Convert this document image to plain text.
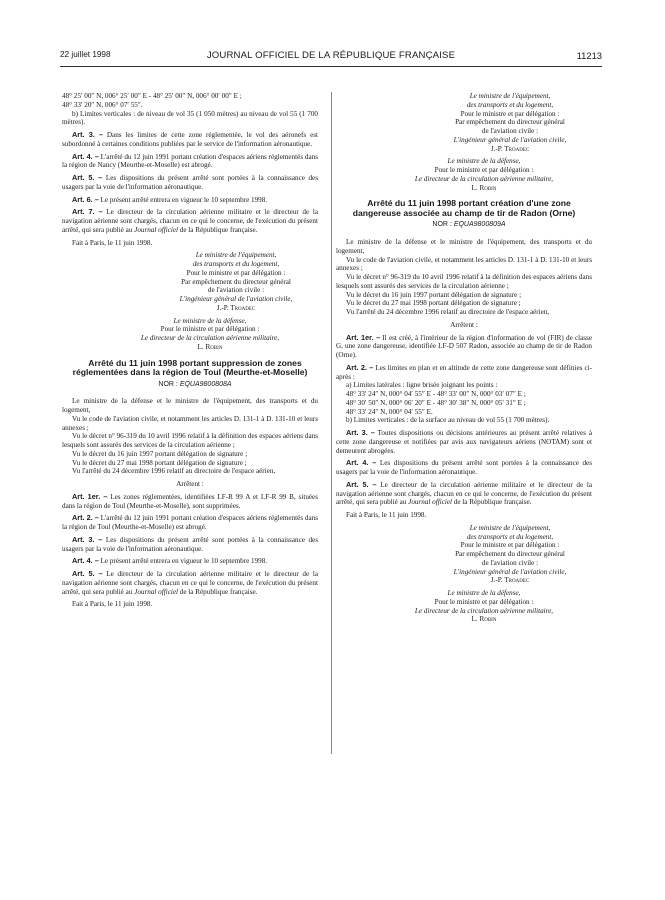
22 juillet 1998	JOURNAL OFFICIEL DE LA RÉPUBLIQUE FRANÇAISE	11213

48° 25′ 00″ N, 006° 25′ 00″ E - 48° 25′ 00″ N, 006° 00′ 00″ E ;

48° 33′ 20″ N, 006° 07′ 55″.

b) Limites verticales : de niveau de vol 35 (1 050 mètres) au niveau de vol 55 (1 700 mètres).

Art. 3. – Dans les limites de cette zone réglementée, le vol des aéronefs est subordonné à certaines conditions publiées par le service de l'information aéronautique.

Art. 4. – L'arrêté du 12 juin 1991 portant création d'espaces aériens réglementés dans la région de Nancy (Meurthe-et-Moselle) est abrogé.

Art. 5. – Les dispositions du présent arrêté sont portées à la connaissance des usagers par la voie de l'information aéronautique.

Art. 6. – Le présent arrêté entrera en vigueur le 10 septembre 1998.

Art. 7. – Le directeur de la circulation aérienne militaire et le directeur de la navigation aérienne sont chargés, chacun en ce qui le concerne, de l'exécution du présent arrêté, qui sera publié au Journal officiel de la République française.

Fait à Paris, le 11 juin 1998.

Le ministre de l'équipement,

des transports et du logement,

Pour le ministre et par délégation :

Par empêchement du directeur général

de l'aviation civile :

L'ingénieur général de l'aviation civile,

J.-P. Troadec

Le ministre de la défense,

Pour le ministre et par délégation :

Le directeur de la circulation aérienne militaire,

L. Robin

Arrêté du 11 juin 1998 portant suppression de zones réglementées dans la région de Toul (Meurthe-et-Moselle)

NOR : EQUA9800808A

Le ministre de la défense et le ministre de l'équipement, des transports et du logement,

Vu le code de l'aviation civile, et notamment les articles D. 131-1 à D. 131-10 et leurs annexes ;

Vu le décret n° 96-319 du 10 avril 1996 relatif à la définition des espaces aériens dans lesquels sont assurés des services de la circulation aérienne ;

Vu le décret du 16 juin 1997 portant délégation de signature ;

Vu le décret du 27 mai 1998 portant délégation de signature ;

Vu l'arrêté du 24 décembre 1996 relatif au directoire de l'espace aérien,

Arrêtent :

Art. 1er. – Les zones réglementées, identifiées LF-R 99 A et LF-R 99 B, situées dans la région de Toul (Meurthe-et-Moselle), sont supprimées.

Art. 2. – L'arrêté du 12 juin 1991 portant création d'espaces aériens réglementés dans la région de Toul (Meurthe-et-Moselle) est abrogé.

Art. 3. – Les dispositions du présent arrêté sont portées à la connaissance des usagers par la voie de l'information aéronautique.

Art. 4. – Le présent arrêté entrera en vigueur le 10 septembre 1998.

Art. 5. – Le directeur de la circulation aérienne militaire et le directeur de la navigation aérienne sont chargés, chacun en ce qui le concerne, de l'exécution du présent arrêté, qui sera publié au Journal officiel de la République française.

Fait à Paris, le 11 juin 1998.

Le ministre de l'équipement,

des transports et du logement,

Pour le ministre et par délégation :

Par empêchement du directeur général

de l'aviation civile :

L'ingénieur général de l'aviation civile,

J.-P. Troadec

Le ministre de la défense,

Pour le ministre et par délégation :

Le directeur de la circulation aérienne militaire,

L. Robin

Arrêté du 11 juin 1998 portant création d'une zone dangereuse associée au champ de tir de Radon (Orne)

NOR : EQUA9800809A

Le ministre de la défense et le ministre de l'équipement, des transports et du logement,

Vu le code de l'aviation civile, et notamment les articles D. 131-1 à D. 131-10 et leurs annexes ;

Vu le décret n° 96-319 du 10 avril 1996 relatif à la définition des espaces aériens dans lesquels sont assurés des services de la circulation aérienne ;

Vu le décret du 16 juin 1997 portant délégation de signature ;

Vu le décret du 27 mai 1998 portant délégation de signature ;

Vu l'arrêté du 24 décembre 1996 relatif au directoire de l'espace aérien,

Arrêtent :

Art. 1er. – Il est créé, à l'intérieur de la région d'information de vol (FIR) de classe G, une zone dangereuse, identifiée LF-D 507 Radon, associée au champ de tir de Radon (Orne).

Art. 2. – Les limites en plan et en altitude de cette zone dangereuse sont définies ci-après :

a) Limites latérales : ligne brisée joignant les points :

48° 33′ 24″ N, 000° 04′ 55″ E - 48° 33′ 00″ N, 000° 03′ 07″ E ;

48° 30′ 50″ N, 000° 06′ 20″ E - 48° 30′ 38″ N, 000° 05′ 31″ E ;

48° 33′ 24″ N, 000° 04′ 55″ E.

b) Limites verticales : de la surface au niveau de vol 55 (1 700 mètres).

Art. 3. – Toutes dispositions ou décisions antérieures au présent arrêté relatives à cette zone dangereuse et notifiées par avis aux navigateurs aériens (NOTAM) sont et demeurent abrogées.

Art. 4. – Les dispositions du présent arrêté sont portées à la connaissance des usagers par la voie de l'information aéronautique.

Art. 5. – Le directeur de la circulation aérienne militaire et le directeur de la navigation aérienne sont chargés, chacun en ce qui le concerne, de l'exécution du présent arrêté, qui sera publié au Journal officiel de la République française.

Fait à Paris, le 11 juin 1998.

Le ministre de l'équipement,

des transports et du logement,

Pour le ministre et par délégation :

Par empêchement du directeur général

de l'aviation civile :

L'ingénieur général de l'aviation civile,

J.-P. Troadec

Le ministre de la défense,

Pour le ministre et par délégation :

Le directeur de la circulation aérienne militaire,

L. Robin
